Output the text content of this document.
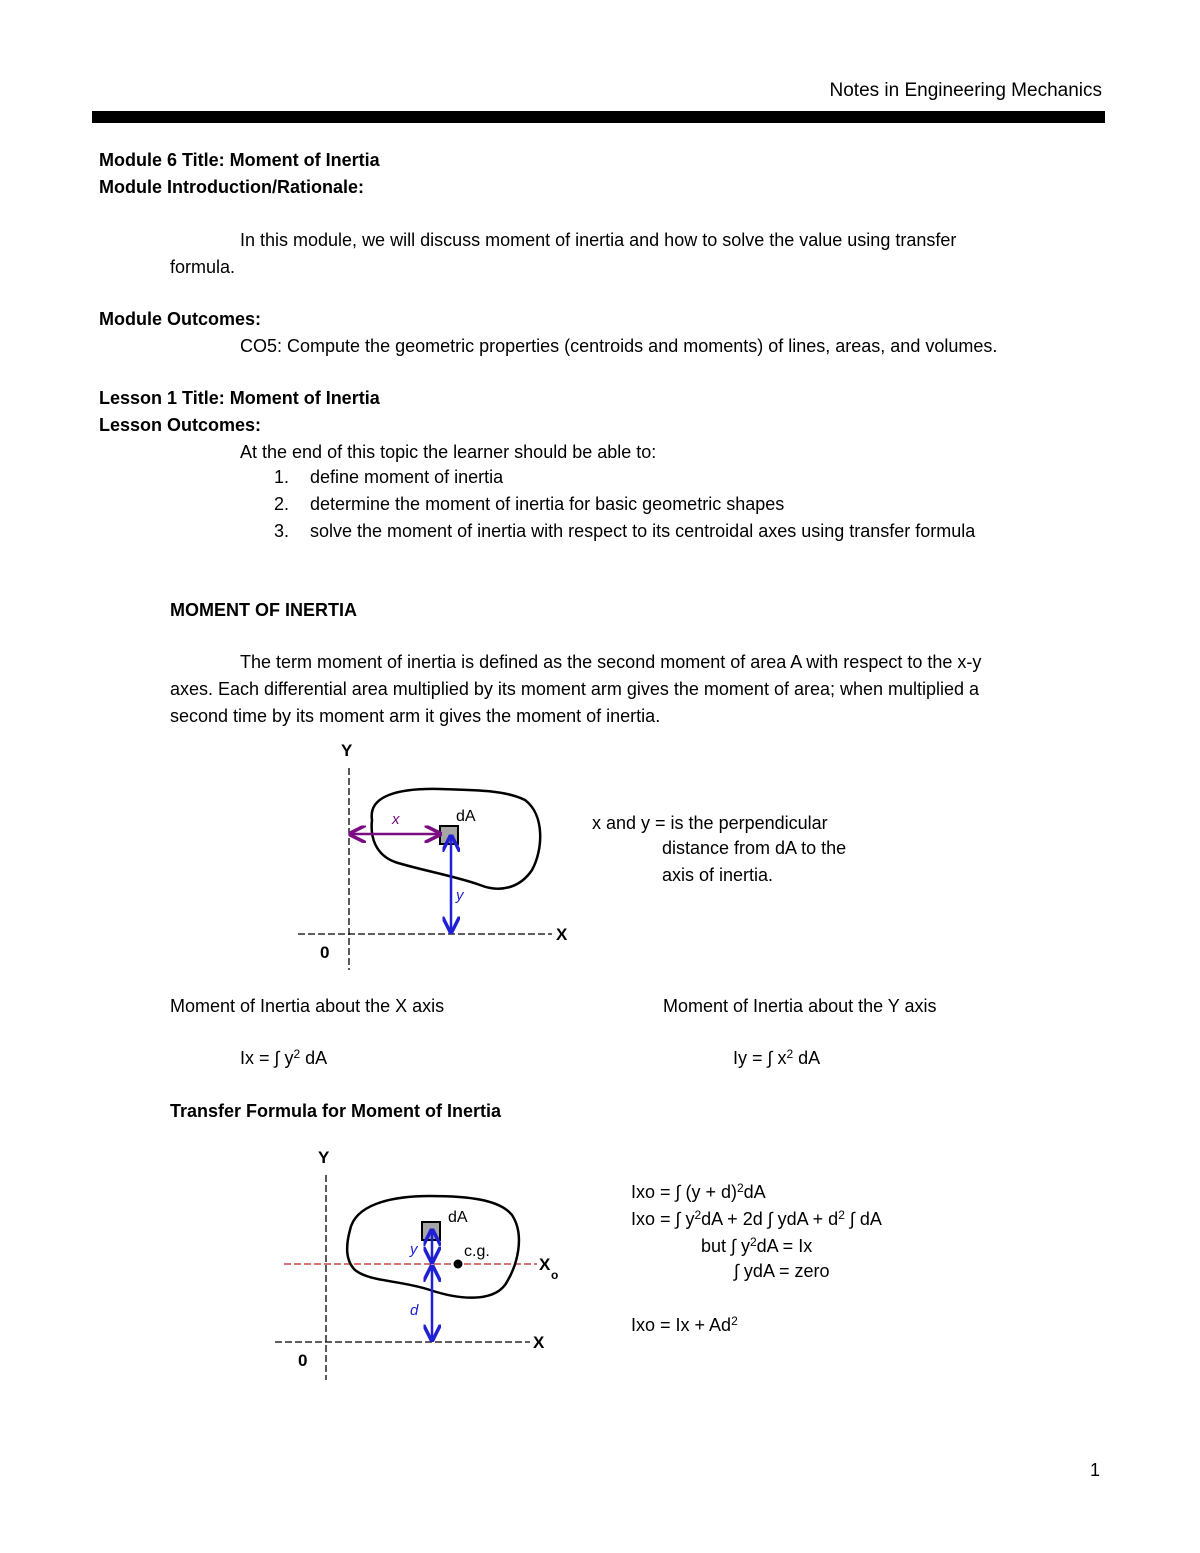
Notes in Engineering Mechanics
Module 6 Title: Moment of Inertia
Module Introduction/Rationale:
In this module, we will discuss moment of inertia and how to solve the value using transfer
formula.
Module Outcomes:
CO5: Compute the geometric properties (centroids and moments) of lines, areas, and volumes.
Lesson 1 Title: Moment of Inertia
Lesson Outcomes:
At the end of this topic the learner should be able to:
1. define moment of inertia
2. determine the moment of inertia for basic geometric shapes
3. solve the moment of inertia with respect to its centroidal axes using transfer formula
MOMENT OF INERTIA
The term moment of inertia is defined as the second moment of area A with respect to the x-y
axes. Each differential area multiplied by its moment arm gives the moment of area; when multiplied a
second time by its moment arm it gives the moment of inertia.
Y
X
0
dA
x
y
Y
X
X
o
0
dA
c.g.
y
d
x and y = is the perpendicular
distance from dA to the
axis of inertia.
Moment of Inertia about the X axis	Moment of Inertia about the Y axis
Ix = ∫ $y^2$ dA	Iy = ∫ $x^2$ dA
Transfer Formula for Moment of Inertia
Ixo = ∫ $(y + d)^2dA$
Ixo = ∫ $y^2dA + 2d$ ∫ ydA + $d^2$ ∫ dA
but ∫ $y^2dA = Ix$
∫ ydA = zero
Ixo = $Ix + Ad^2$
1
